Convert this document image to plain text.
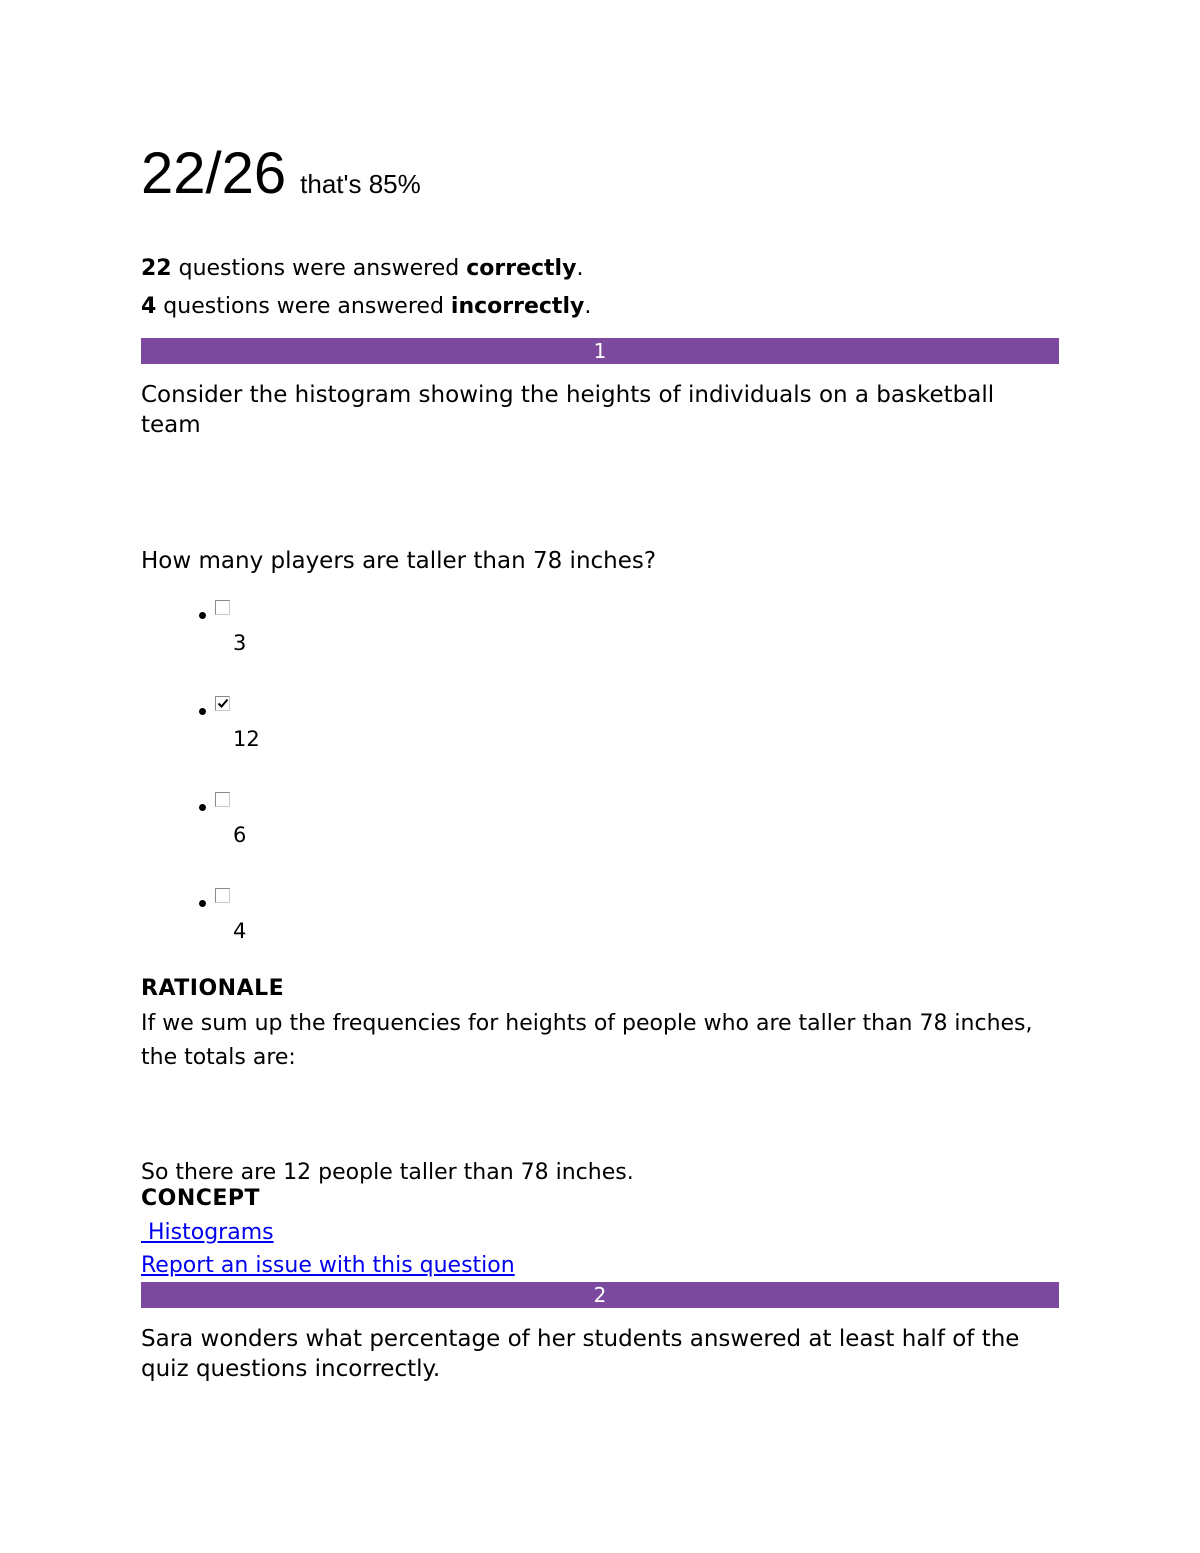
22/26 that's 85%
22 questions were answered correctly.
4 questions were answered incorrectly.
1
Consider the histogram showing the heights of individuals on a basketball team
How many players are taller than 78 inches?
3
12
6
4
RATIONALE
If we sum up the frequencies for heights of people who are taller than 78 inches, the totals are:
So there are 12 people taller than 78 inches.
CONCEPT
Histograms
Report an issue with this question
2
Sara wonders what percentage of her students answered at least half of the quiz questions incorrectly.
